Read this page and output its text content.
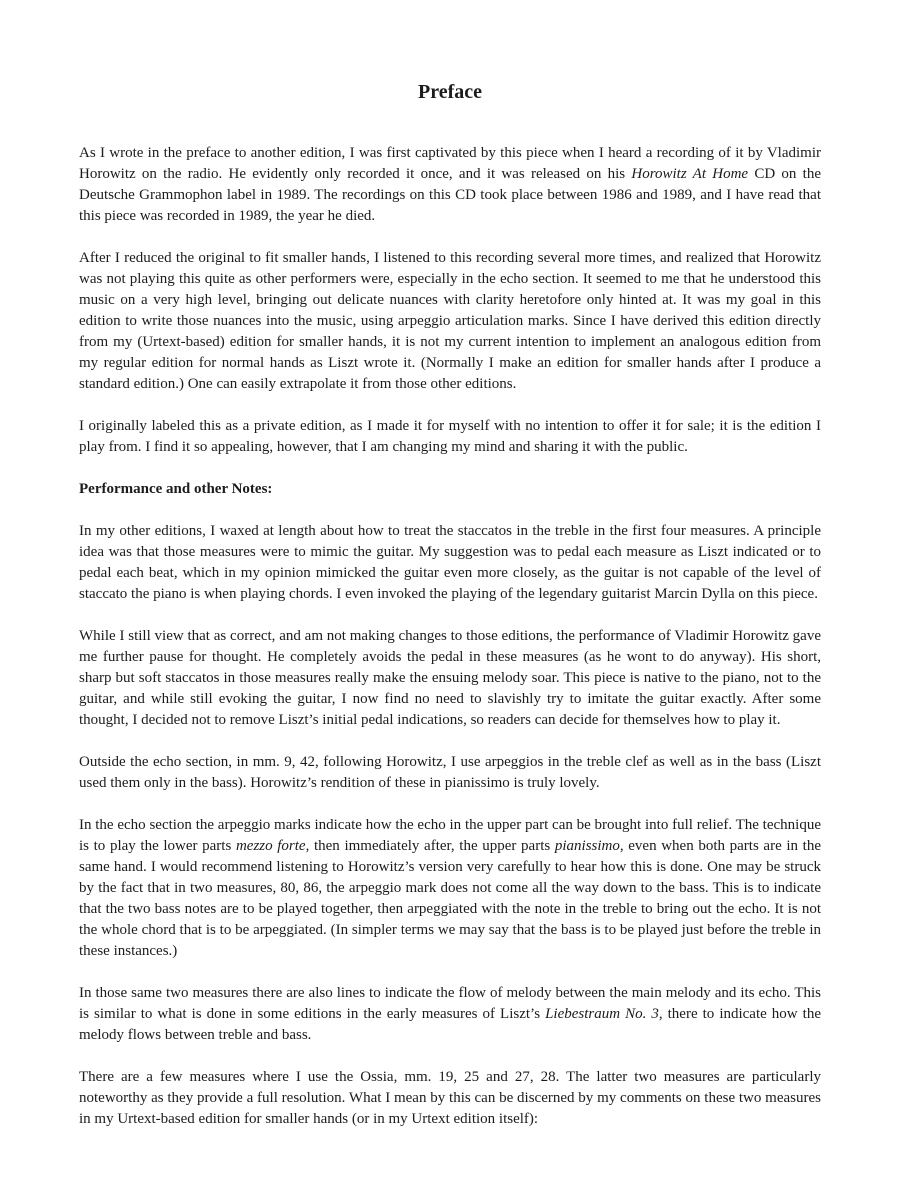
Preface
As I wrote in the preface to another edition, I was first captivated by this piece when I heard a recording of it by Vladimir Horowitz on the radio. He evidently only recorded it once, and it was released on his Horowitz At Home CD on the Deutsche Grammophon label in 1989. The recordings on this CD took place between 1986 and 1989, and I have read that this piece was recorded in 1989, the year he died.
After I reduced the original to fit smaller hands, I listened to this recording several more times, and realized that Horowitz was not playing this quite as other performers were, especially in the echo section. It seemed to me that he understood this music on a very high level, bringing out delicate nuances with clarity heretofore only hinted at. It was my goal in this edition to write those nuances into the music, using arpeggio articulation marks. Since I have derived this edition directly from my (Urtext-based) edition for smaller hands, it is not my current intention to implement an analogous edition from my regular edition for normal hands as Liszt wrote it. (Normally I make an edition for smaller hands after I produce a standard edition.) One can easily extrapolate it from those other editions.
I originally labeled this as a private edition, as I made it for myself with no intention to offer it for sale; it is the edition I play from. I find it so appealing, however, that I am changing my mind and sharing it with the public.
Performance and other Notes:
In my other editions, I waxed at length about how to treat the staccatos in the treble in the first four measures. A principle idea was that those measures were to mimic the guitar. My suggestion was to pedal each measure as Liszt indicated or to pedal each beat, which in my opinion mimicked the guitar even more closely, as the guitar is not capable of the level of staccato the piano is when playing chords. I even invoked the playing of the legendary guitarist Marcin Dylla on this piece.
While I still view that as correct, and am not making changes to those editions, the performance of Vladimir Horowitz gave me further pause for thought. He completely avoids the pedal in these measures (as he wont to do anyway). His short, sharp but soft staccatos in those measures really make the ensuing melody soar. This piece is native to the piano, not to the guitar, and while still evoking the guitar, I now find no need to slavishly try to imitate the guitar exactly. After some thought, I decided not to remove Liszt’s initial pedal indications, so readers can decide for themselves how to play it.
Outside the echo section, in mm. 9, 42, following Horowitz, I use arpeggios in the treble clef as well as in the bass (Liszt used them only in the bass). Horowitz’s rendition of these in pianissimo is truly lovely.
In the echo section the arpeggio marks indicate how the echo in the upper part can be brought into full relief. The technique is to play the lower parts mezzo forte, then immediately after, the upper parts pianissimo, even when both parts are in the same hand. I would recommend listening to Horowitz’s version very carefully to hear how this is done. One may be struck by the fact that in two measures, 80, 86, the arpeggio mark does not come all the way down to the bass. This is to indicate that the two bass notes are to be played together, then arpeggiated with the note in the treble to bring out the echo. It is not the whole chord that is to be arpeggiated. (In simpler terms we may say that the bass is to be played just before the treble in these instances.)
In those same two measures there are also lines to indicate the flow of melody between the main melody and its echo. This is similar to what is done in some editions in the early measures of Liszt’s Liebestraum No. 3, there to indicate how the melody flows between treble and bass.
There are a few measures where I use the Ossia, mm. 19, 25 and 27, 28. The latter two measures are particularly noteworthy as they provide a full resolution. What I mean by this can be discerned by my comments on these two measures in my Urtext-based edition for smaller hands (or in my Urtext edition itself):
